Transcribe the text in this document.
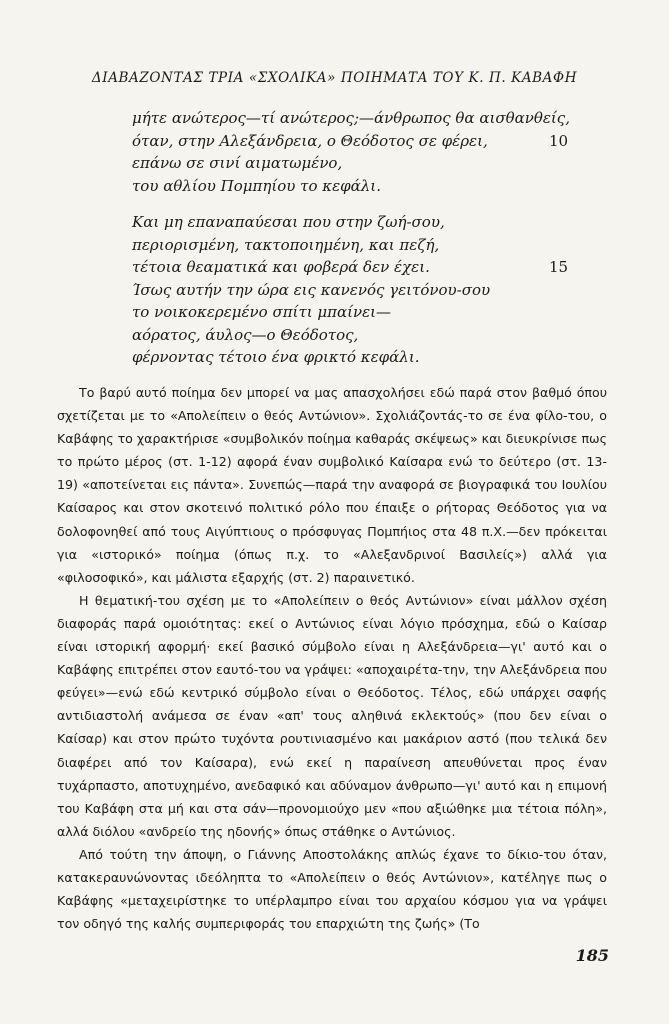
ΔΙΑΒΑΖΟΝΤΑΣ ΤΡΙΑ «ΣΧΟΛΙΚΑ» ΠΟΙΗΜΑΤΑ ΤΟΥ Κ. Π. ΚΑΒΑΦΗ
μήτε ανώτερος—τί ανώτερος;—άνθρωπος θα αισθανθείς,
όταν, στην Αλεξάνδρεια, ο Θεόδοτος σε φέρει,	10
επάνω σε σινί αιματωμένο,
του αθλίου Πομπηίου το κεφάλι.
Και μη επαναπαύεσαι που στην ζωή-σου,
περιορισμένη, τακτοποιημένη, και πεζή,
τέτοια θεαματικά και φοβερά δεν έχει.	15
Ίσως αυτήν την ώρα εις κανενός γειτόνου-σου
το νοικοκερεμένο σπίτι μπαίνει—
αόρατος, άυλος—ο Θεόδοτος,
φέρνοντας τέτοιο ένα φρικτό κεφάλι.

Το βαρύ αυτό ποίημα δεν μπορεί να μας απασχολήσει εδώ παρά στον βαθμό όπου σχετίζεται με το «Απολείπειν ο θεός Αντώνιον». Σχολιάζοντάς-το σε ένα φίλο-του, ο Καβάφης το χαρακτήρισε «συμβολικόν ποίημα καθαράς σκέψεως» και διευκρίνισε πως το πρώτο μέρος (στ. 1-12) αφορά έναν συμβολικό Καίσαρα ενώ το δεύτερο (στ. 13-19) «αποτείνεται εις πάντα». Συνεπώς—παρά την αναφορά σε βιογραφικά του Ιουλίου Καίσαρος και στον σκοτεινό πολιτικό ρόλο που έπαιξε ο ρήτορας Θεόδοτος για να δολοφονηθεί από τους Αιγύπτιους ο πρόσφυγας Πομπήιος στα 48 π.Χ.—δεν πρόκειται για «ιστορικό» ποίημα (όπως π.χ. το «Αλεξανδρινοί Βασιλείς») αλλά για «φιλοσοφικό», και μάλιστα εξαρχής (στ. 2) παραινετικό.

Η θεματική-του σχέση με το «Απολείπειν ο θεός Αντώνιον» είναι μάλλον σχέση διαφοράς παρά ομοιότητας: εκεί ο Αντώνιος είναι λόγιο πρόσχημα, εδώ ο Καίσαρ είναι ιστορική αφορμή· εκεί βασικό σύμβολο είναι η Αλεξάνδρεια—γι' αυτό και ο Καβάφης επιτρέπει στον εαυτό-του να γράψει: «αποχαιρέτα-την, την Αλεξάνδρεια που φεύγει»—ενώ εδώ κεντρικό σύμβολο είναι ο Θεόδοτος. Τέλος, εδώ υπάρχει σαφής αντιδιαστολή ανάμεσα σε έναν «απ' τους αληθινά εκλεκτούς» (που δεν είναι ο Καίσαρ) και στον πρώτο τυχόντα ρουτινιασμένο και μακάριον αστό (που τελικά δεν διαφέρει από τον Καίσαρα), ενώ εκεί η παραίνεση απευθύνεται προς έναν τυχάρπαστο, αποτυχημένο, ανεδαφικό και αδύναμον άνθρωπο—γι' αυτό και η επιμονή του Καβάφη στα μή και στα σάν—προνομιούχο μεν «που αξιώθηκε μια τέτοια πόλη», αλλά διόλου «ανδρείο της ηδονής» όπως στάθηκε ο Αντώνιος.

Από τούτη την άποψη, ο Γιάννης Αποστολάκης απλώς έχανε το δίκιο-του όταν, κατακεραυνώνοντας ιδεόληπτα το «Απολείπειν ο θεός Αντώνιον», κατέληγε πως ο Καβάφης «μεταχειρίστηκε το υπέρλαμπρο είναι του αρχαίου κόσμου για να γράψει τον οδηγό της καλής συμπεριφοράς του επαρχιώτη της ζωής» (Το

185
